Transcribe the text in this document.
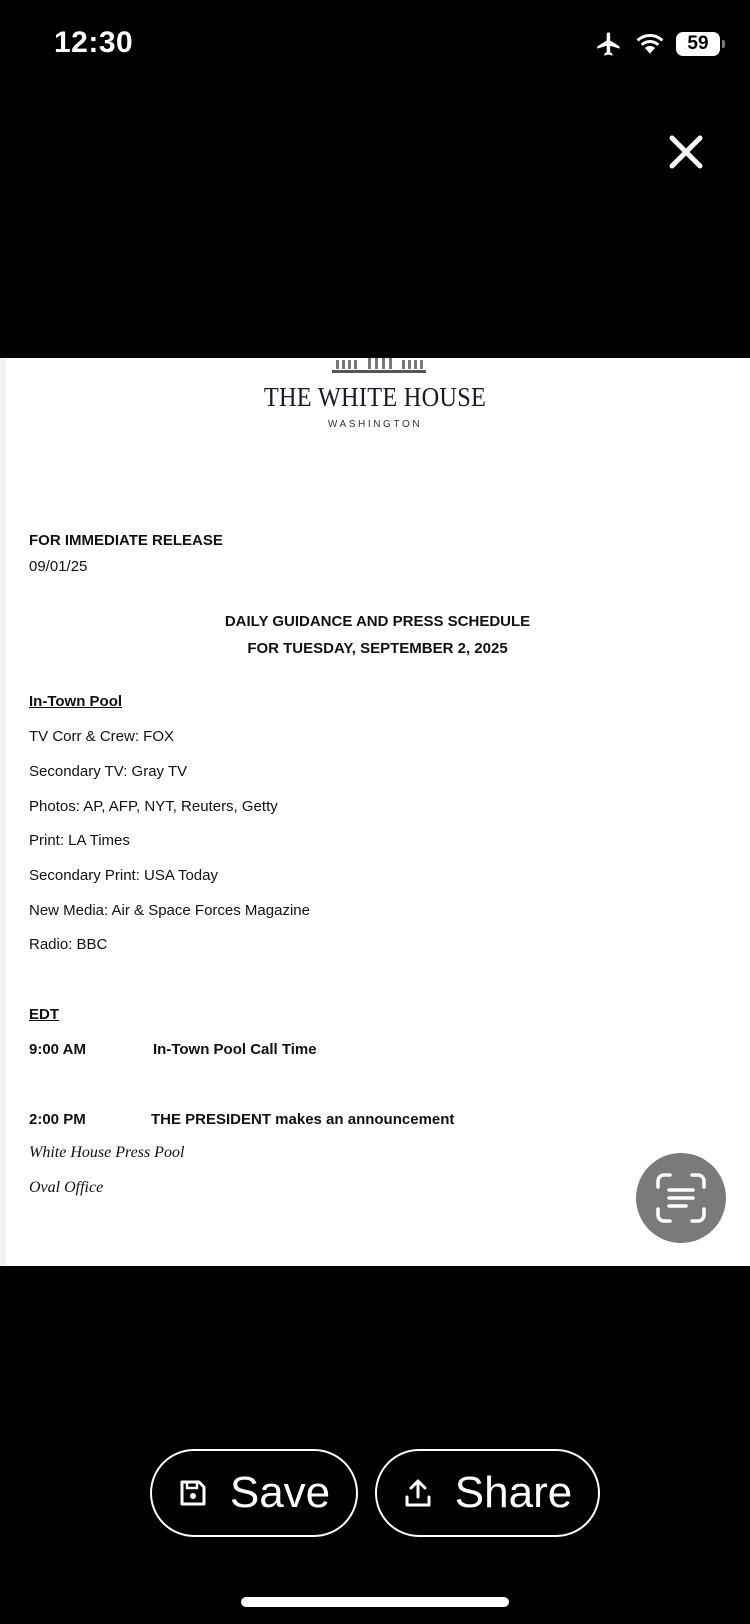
12:30	59
THE WHITE HOUSE
WASHINGTON
FOR IMMEDIATE RELEASE
09/01/25
DAILY GUIDANCE AND PRESS SCHEDULE
FOR TUESDAY, SEPTEMBER 2, 2025
In-Town Pool
TV Corr & Crew: FOX
Secondary TV: Gray TV
Photos: AP, AFP, NYT, Reuters, Getty
Print: LA Times
Secondary Print: USA Today
New Media: Air & Space Forces Magazine
Radio: BBC
EDT
9:00 AM	In-Town Pool Call Time
2:00 PM	THE PRESIDENT makes an announcement
White House Press Pool
Oval Office
Save	Share
